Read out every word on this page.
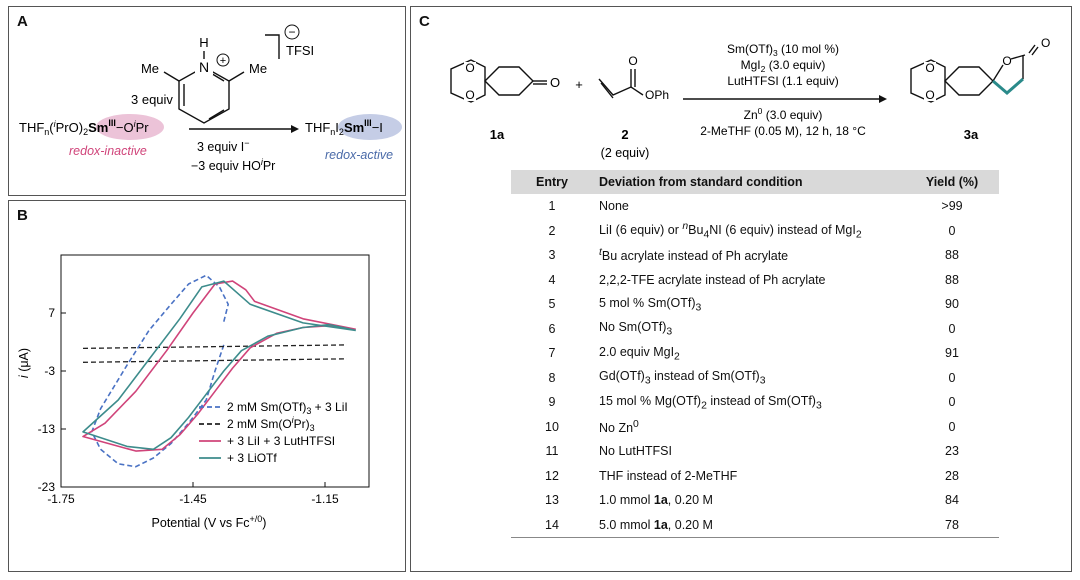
A
N
H
+
Me	Me
−
TFSI
3 equiv
$THF_n(^iPrO)_2Sm^{III}-O^iPr$
redox-inactive	3 equiv I−
−3 equiv $HO^iPr$
$THF_nI_2Sm^{III}-I$
redox-active
B
-1.75	-1.45	-1.15
7
-3
-13
-23
2 mM $Sm(OTf)_3 + 3$ LiI
2 mM $Sm(O^iPr)_3$
+ 3 LiI + 3 LutHTFSI
+ 3 LiOTf
Potential (V vs $Fc^{+/0}$)
i (μA)
C
O
O
O
1a
+
O
OPh
2
(2 equiv)
$Sm(OTf)_3$ (10 mol %)
MgI$_2$ (3.0 equiv)
LutHTFSI (1.1 equiv)
Zn$^0$ (3.0 equiv)
2-MeTHF (0.05 M), 12 h, 18 °C
O
O
O
O
3a
Entry	Deviation from standard condition	Yield (%)
1	None	>99
2	LiI (6 equiv) or $^nBu_4NI$ (6 equiv) instead of MgI$_2$	0
3	$^t$Bu acrylate instead of Ph acrylate	88
4	2,2,2-TFE acrylate instead of Ph acrylate	88
5	5 mol % $Sm(OTf)_3$	90
6	No $Sm(OTf)_3$	0
7	2.0 equiv MgI$_2$	91
8	$Gd(OTf)_3$ instead of $Sm(OTf)_3$	0
9	15 mol % $Mg(OTf)_2$ instead of $Sm(OTf)_3$	0
10	No Zn$^0$	0
11	No LutHTFSI	23
12	THF instead of 2-MeTHF	28
13	1.0 mmol 1a, 0.20 M	84
14	5.0 mmol 1a, 0.20 M	78
